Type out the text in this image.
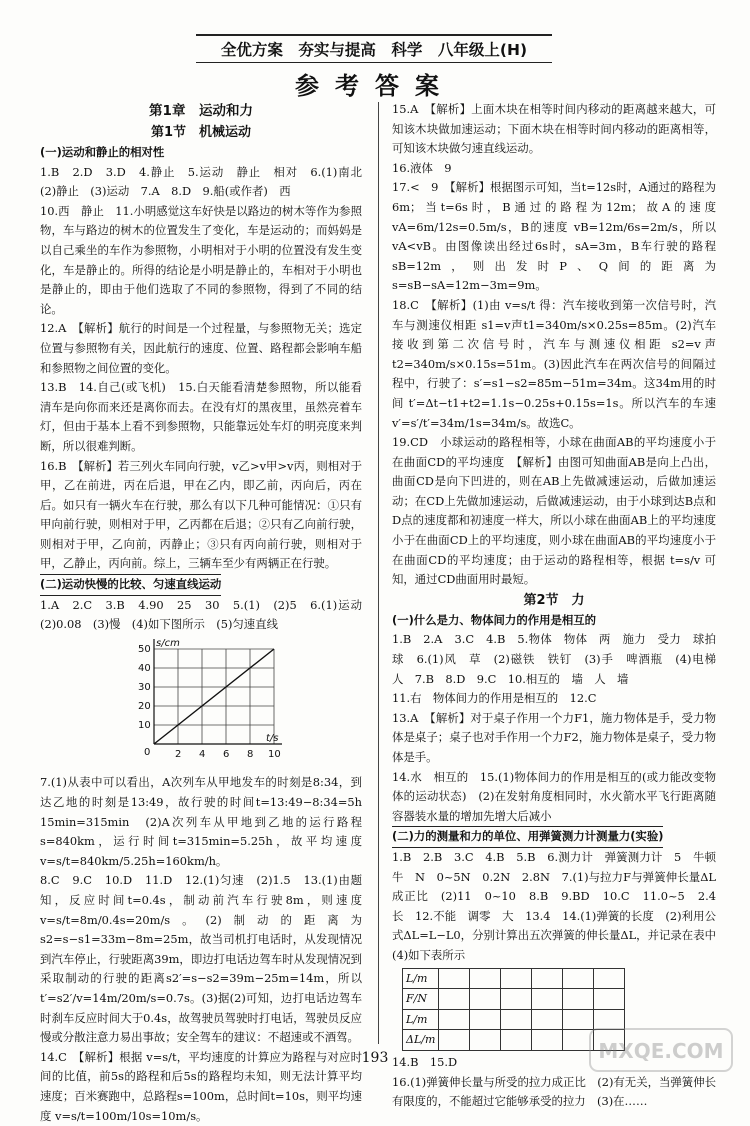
全优方案　夯实与提高　科学　八年级上(H)
参考答案
第1章　运动和力
第1节　机械运动
(一)运动和静止的相对性

1.B　2.D　3.D　4.静止　5.运动　静止　相对　6.(1)南北　(2)静止　(3)运动　7.A　8.D　9.船(或作者)　西

10.西　静止　11.小明感觉这车好快是以路边的树木等作为参照物，车与路边的树木的位置发生了变化，车是运动的；而妈妈是以自己乘坐的车作为参照物，小明相对于小明的位置没有发生变化，车是静止的。所得的结论是小明是静止的，车相对于小明也是静止的，即由于他们选取了不同的参照物，得到了不同的结论。

12.A　【解析】航行的时间是一个过程量，与参照物无关；选定位置与参照物有关，因此航行的速度、位置、路程都会影响车船和参照物之间位置的变化。

13.B　14.自己(或飞机)　15.白天能看清楚参照物，所以能看清车是向你而来还是离你而去。在没有灯的黑夜里，虽然亮着车灯，但由于基本上看不到参照物，只能靠远处车灯的明亮度来判断，所以很难判断。

16.B　【解析】若三列火车同向行驶，v乙>v甲>v丙，则相对于甲，乙在前进，丙在后退，甲在乙内，即乙前，丙向后，丙在后。如只有一辆火车在行驶，那么有以下几种可能情况：①只有甲向前行驶，则相对于甲，乙丙都在后退；②只有乙向前行驶，则相对于甲，乙向前，丙静止；③只有丙向前行驶，则相对于甲，乙静止，丙向前。综上，三辆车至少有两辆正在行驶。

(二)运动快慢的比较、匀速直线运动

1.A　2.C　3.B　4.90　25　30　5.(1)　(2)5　6.(1)运动　(2)0.08　(3)慢　(4)如下图所示　(5)匀速直线

s/cm
t/s
50
40
30
20
10
0 2 4 6 8 10

7.(1)从表中可以看出，A次列车从甲地发车的时刻是8:34，到达乙地的时刻是13:49，故行驶的时间t=13:49−8:34=5h 15min=315min　(2)A次列车从甲地到乙地的运行路程s=840km，运行时间t=315min=5.25h，故平均速度v=s/t=840km/5.25h=160km/h。

8.C　9.C　10.D　11.D　12.(1)匀速　(2)1.5　13.(1)由题知，反应时间t=0.4s，制动前汽车行驶8m，则速度v=s/t=8m/0.4s=20m/s。(2)制动的距离为s2=s−s1=33m−8m=25m，故当司机打电话时，从发现情况到汽车停止，行驶距离39m，即边打电话边驾车时从发现情况到采取制动的行驶的距离s2′=s−s2=39m−25m=14m，所以 t′=s2′/v=14m/20m/s=0.7s。(3)据(2)可知，边打电话边驾车时刹车反应时间大于0.4s，故驾驶员驾驶时打电话，驾驶员反应慢或分散注意力易出事故；安全驾车的建议：不超速或不酒驾。

14.C　【解析】根据 v=s/t，平均速度的计算应为路程与对应时间的比值，前5s的路程和后5s的路程均未知，则无法计算平均速度；百米赛跑中，总路程s=100m，总时间t=10s，则平均速度 v=s/t=100m/10s=10m/s。

15.A　【解析】上面木块在相等时间内移动的距离越来越大，可知该木块做加速运动；下面木块在相等时间内移动的距离相等，可知该木块做匀速直线运动。

16.液体　9

17.<　9　【解析】根据图示可知，当t=12s时，A通过的路程为6m；当t=6s时，B通过的路程为12m；故A的速度 vA=6m/12s=0.5m/s，B的速度 vB=12m/6s=2m/s，所以 vA<vB。由图像读出经过6s时，sA=3m，B车行驶的路程sB=12m，则出发时P、Q间的距离为 s=sB−sA=12m−3m=9m。

18.C　【解析】(1)由 v=s/t 得：汽车接收到第一次信号时，汽车与测速仪相距 s1=v声t1=340m/s×0.25s=85m。(2)汽车接收到第二次信号时，汽车与测速仪相距 s2=v声t2=340m/s×0.15s=51m。(3)因此汽车在两次信号的间隔过程中，行驶了：s′=s1−s2=85m−51m=34m。这34m用的时间 t′=Δt−t1+t2=1.1s−0.25s+0.15s=1s。所以汽车的车速 v′=s′/t′=34m/1s=34m/s。故选C。

19.CD　小球运动的路程相等，小球在曲面AB的平均速度小于在曲面CD的平均速度　【解析】由图可知曲面AB是向上凸出，曲面CD是向下凹进的，则在AB上先做减速运动，后做加速运动；在CD上先做加速运动，后做减速运动，由于小球到达B点和D点的速度都和初速度一样大，所以小球在曲面AB上的平均速度小于在曲面CD上的平均速度，则小球在曲面AB的平均速度小于在曲面CD的平均速度；由于运动的路程相等，根据 t=s/v 可知，通过CD曲面用时最短。

第2节　力
(一)什么是力、物体间力的作用是相互的

1.B　2.A　3.C　4.B　5.物体　物体　两　施力　受力　球拍　球　6.(1)风　草　(2)磁铁　铁钉　(3)手　啤酒瓶　(4)电梯　人　7.B　8.D　9.C　10.相互的　墙　人　墙

11.右　物体间力的作用是相互的　12.C

13.A　【解析】对于桌子作用一个力F1，施力物体是手，受力物体是桌子；桌子也对手作用一个力F2，施力物体是桌子，受力物体是手。

14.水　相互的　15.(1)物体间力的作用是相互的(或力能改变物体的运动状态)　(2)在发射角度相同时，水火箭水平飞行距离随容器装水量的增加先增大后减小

(二)力的测量和力的单位、用弹簧测力计测量力(实验)

1.B　2.B　3.C　4.B　5.B　6.测力计　弹簧测力计　5　牛顿　牛　N　0~5N　0.2N　2.8N　7.(1)与拉力F与弹簧伸长量ΔL成正比　(2)11　0~10　8.B　9.BD　10.C　11.0~5　2.4　长　12.不能　调零　大　13.4　14.(1)弹簧的长度　(2)利用公式ΔL=L−L0，分别计算出五次弹簧的伸长量ΔL，并记录在表中　(4)如下表所示

L/m						
F/N						
L/m						
ΔL/m						

14.B　15.D

16.(1)弹簧伸长量与所受的拉力成正比　(2)有无关，当弹簧伸长有限度的，不能超过它能够承受的拉力　(3)在……

193	MXQE.COM
